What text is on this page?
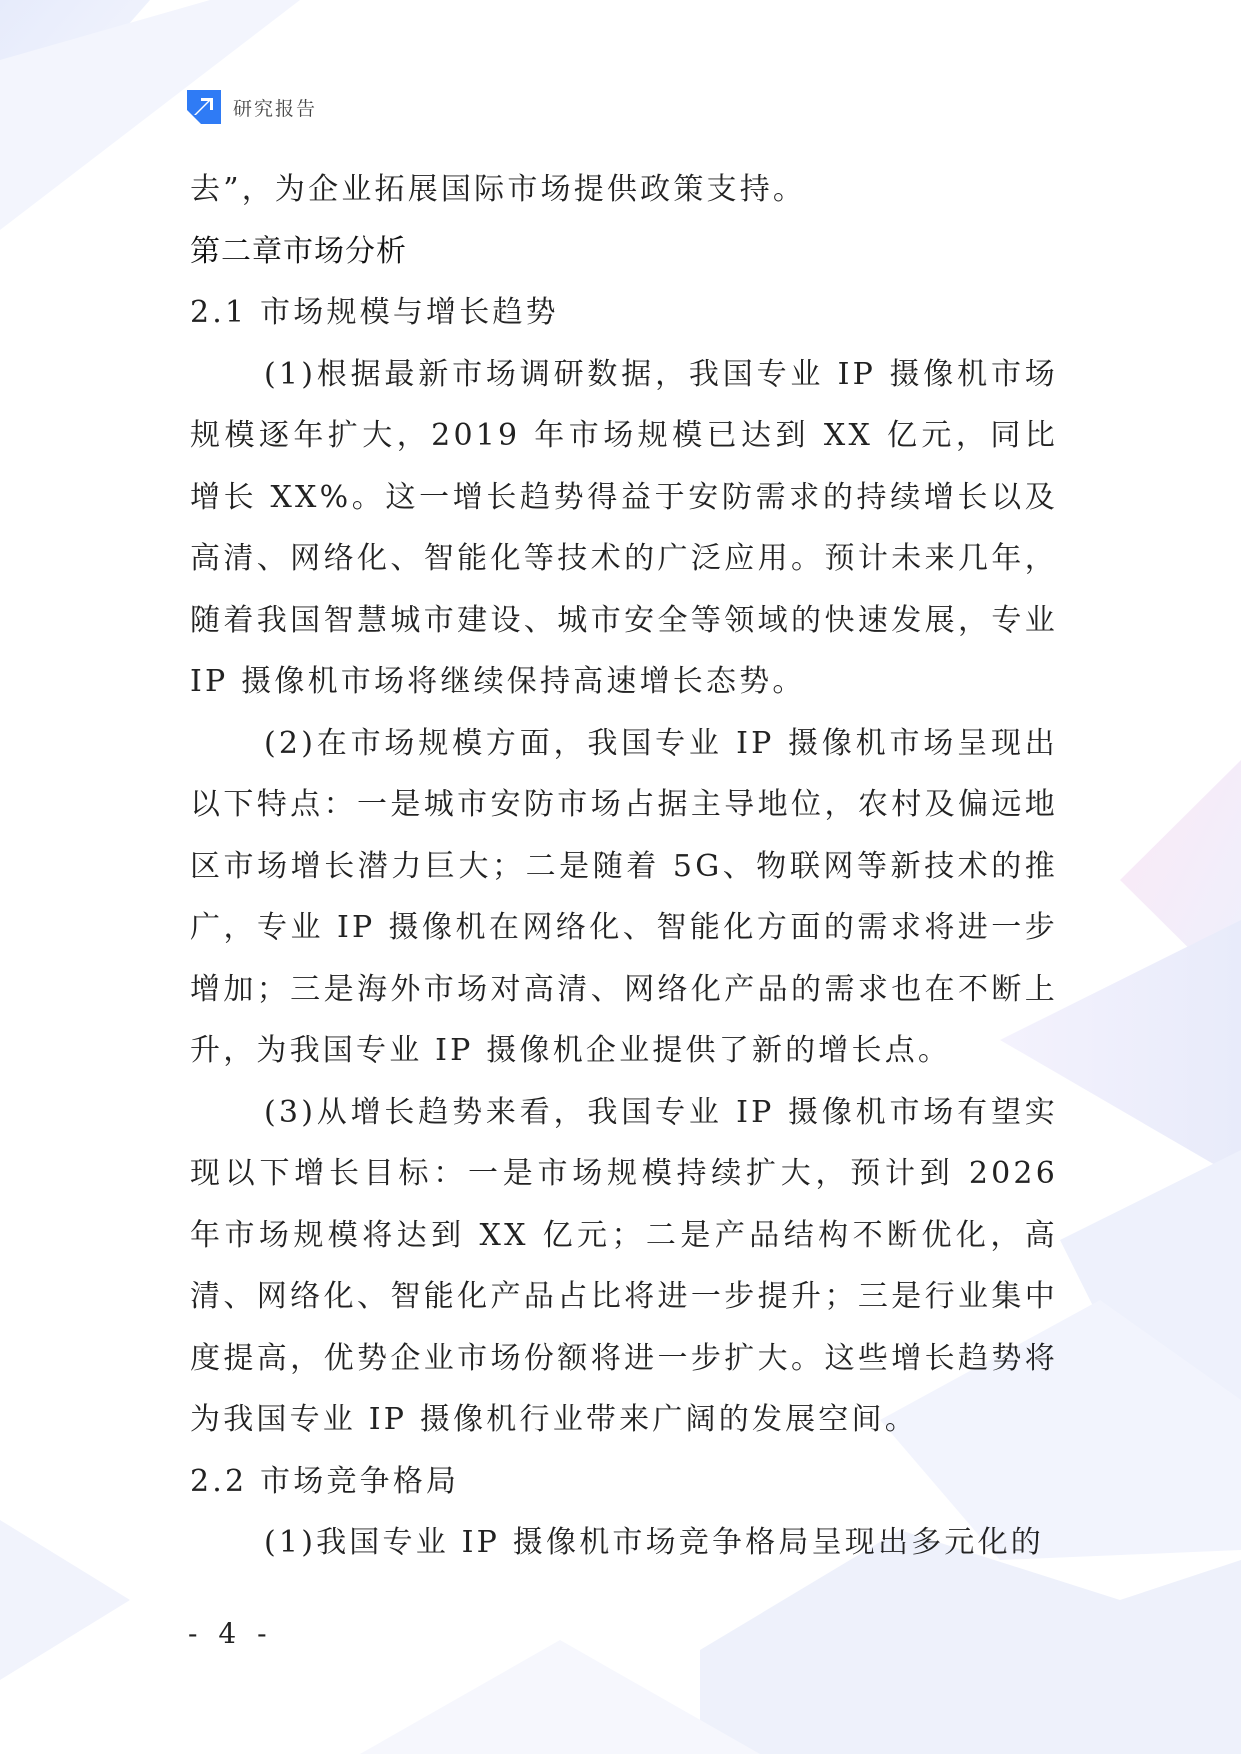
研究报告

去”，为企业拓展国际市场提供政策支持。

第二章市场分析

2.1 市场规模与增长趋势

(1)根据最新市场调研数据，我国专业 IP 摄像机市场规模逐年扩大，2019 年市场规模已达到 XX 亿元，同比增长 XX%。这一增长趋势得益于安防需求的持续增长以及高清、网络化、智能化等技术的广泛应用。预计未来几年，随着我国智慧城市建设、城市安全等领域的快速发展，专业 IP 摄像机市场将继续保持高速增长态势。

(2)在市场规模方面，我国专业 IP 摄像机市场呈现出以下特点：一是城市安防市场占据主导地位，农村及偏远地区市场增长潜力巨大；二是随着 5G、物联网等新技术的推广，专业 IP 摄像机在网络化、智能化方面的需求将进一步增加；三是海外市场对高清、网络化产品的需求也在不断上升，为我国专业 IP 摄像机企业提供了新的增长点。

(3)从增长趋势来看，我国专业 IP 摄像机市场有望实现以下增长目标：一是市场规模持续扩大，预计到 2026 年市场规模将达到 XX 亿元；二是产品结构不断优化，高清、网络化、智能化产品占比将进一步提升；三是行业集中度提高，优势企业市场份额将进一步扩大。这些增长趋势将为我国专业 IP 摄像机行业带来广阔的发展空间。

2.2 市场竞争格局

(1)我国专业 IP 摄像机市场竞争格局呈现出多元化的

- 4 -
